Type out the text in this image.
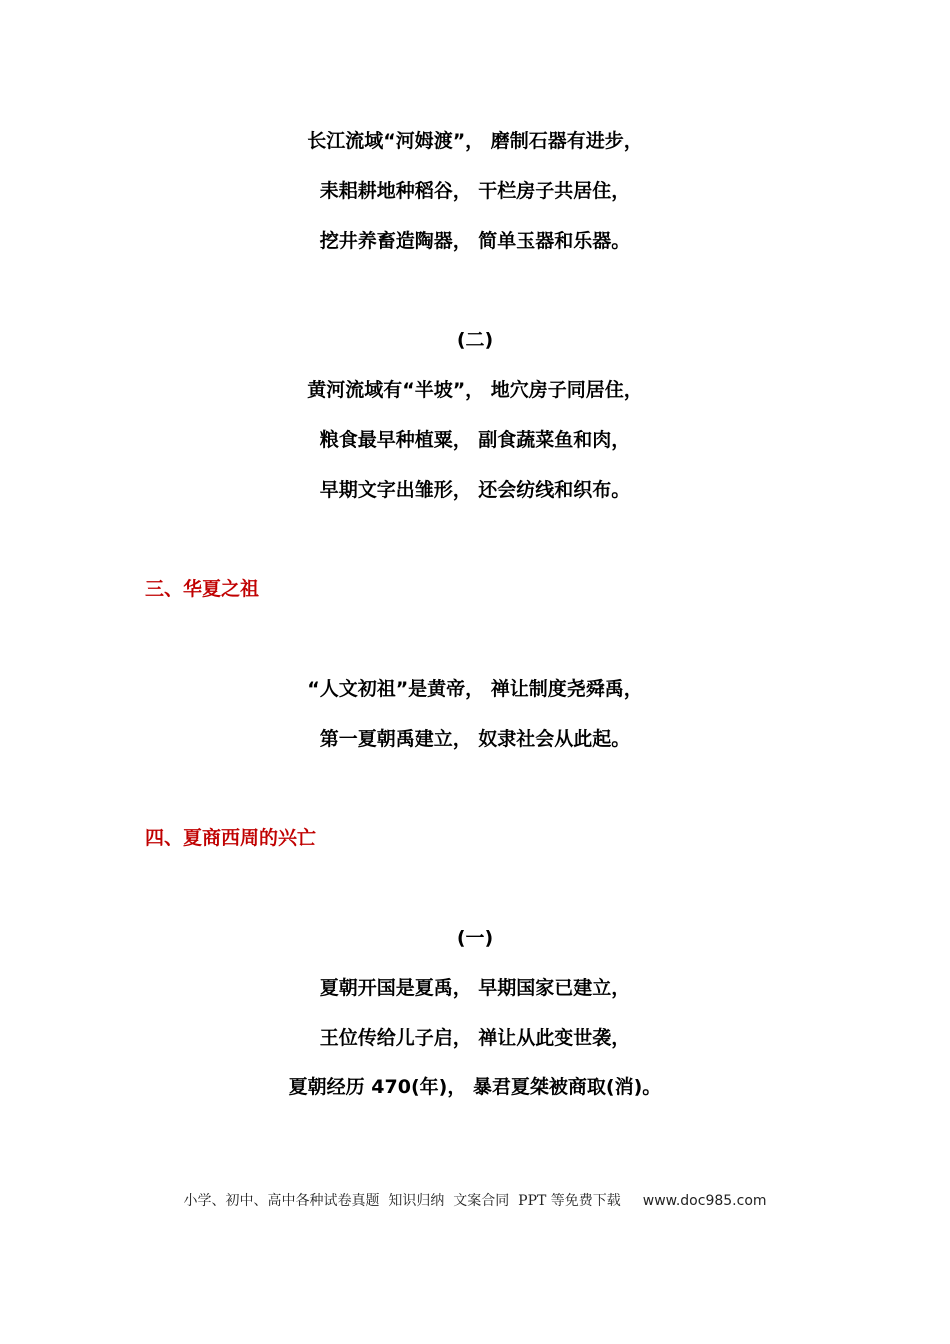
长江流域“河姆渡”， 磨制石器有进步，
耒耜耕地种稻谷， 干栏房子共居住，
挖井养畜造陶器， 简单玉器和乐器。
(二)
黄河流域有“半坡”， 地穴房子同居住，
粮食最早种植粟， 副食蔬菜鱼和肉，
早期文字出雏形， 还会纺线和织布。
三、华夏之祖
“人文初祖”是黄帝， 禅让制度尧舜禹，
第一夏朝禹建立， 奴隶社会从此起。
四、夏商西周的兴亡
(一)
夏朝开国是夏禹， 早期国家已建立，
王位传给儿子启， 禅让从此变世袭，
夏朝经历 470(年)， 暴君夏桀被商取(消)。
小学、初中、高中各种试卷真题  知识归纳  文案合同  PPT 等免费下载 www.doc985.com
